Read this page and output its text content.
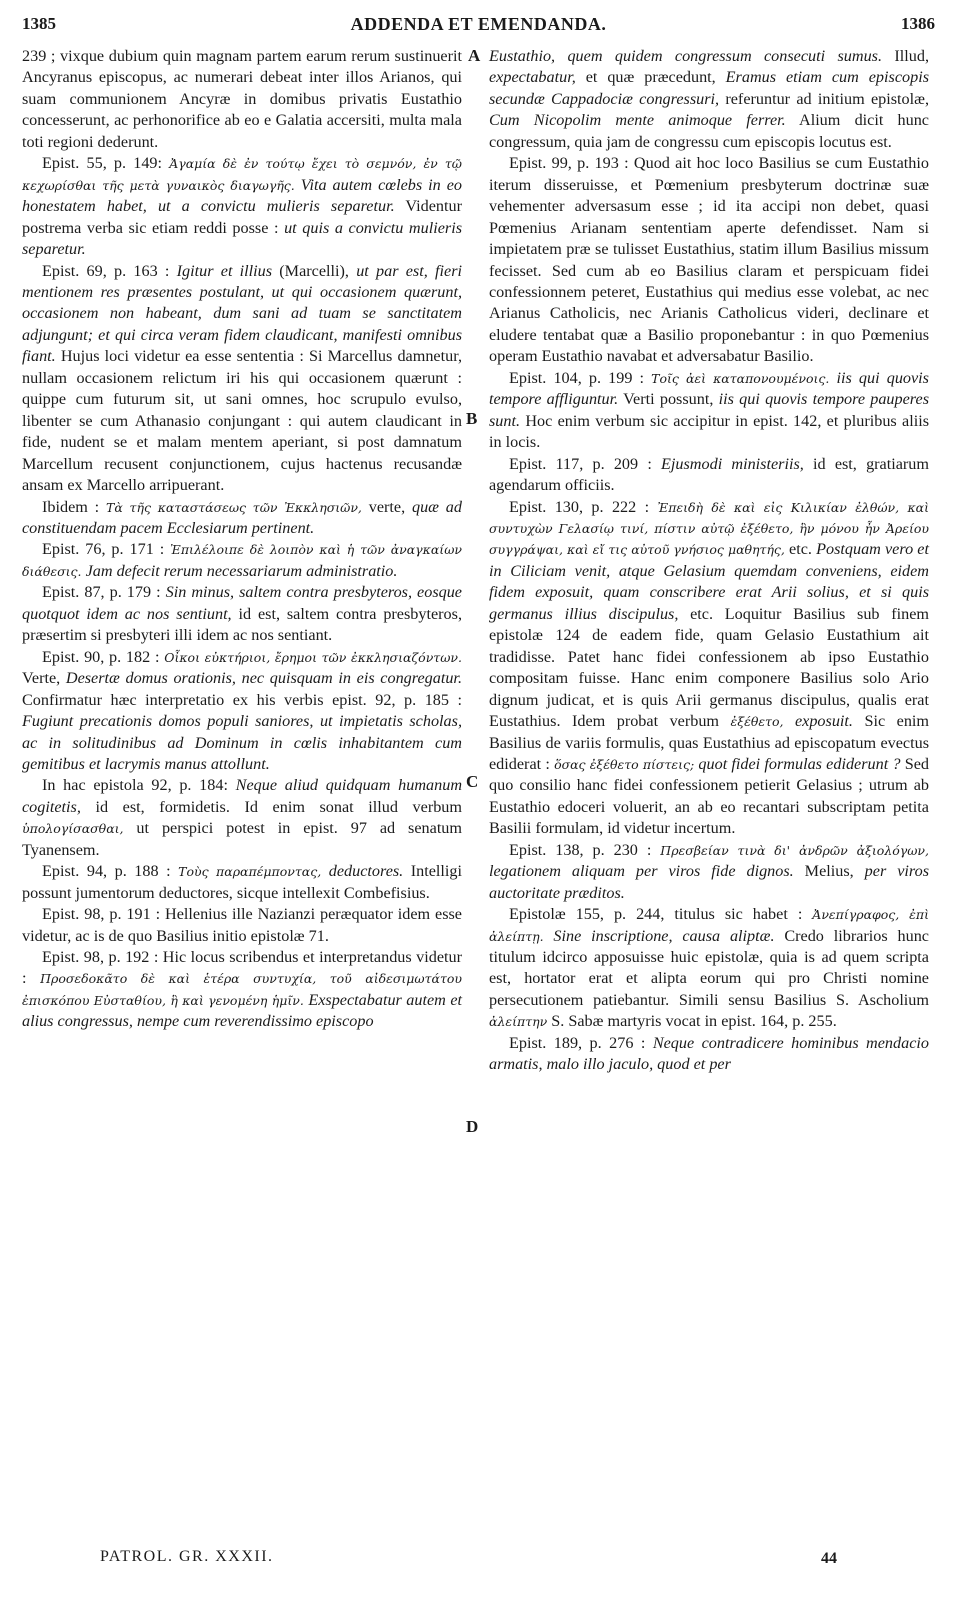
1385	ADDENDA ET EMENDANDA.	1386

239 ; vixque dubium quin magnam partem earum rerum sustinuerit Ancyranus episcopus, ac numerari debeat inter illos Arianos, qui suam communionem Ancyræ in domibus privatis Eustathio concesserunt, ac perhonorifice ab eo e Galatia accersiti, multa mala toti regioni dederunt.

Epist. 55, p. 149: Ἀγαμία δὲ ἐν τούτῳ ἔχει τὸ σεμνόν, ἐν τῷ κεχωρίσθαι τῆς μετὰ γυναικὸς διαγωγῆς. Vita autem cœlebs in eo honestatem habet, ut a convictu mulieris separetur. Videntur postrema verba sic etiam reddi posse : ut quis a convictu mulieris separetur.

Epist. 69, p. 163 : Igitur et illius (Marcelli), ut par est, fieri mentionem res præsentes postulant, ut qui occasionem quærunt, occasionem non habeant, dum sani ad tuam se sanctitatem adjungunt; et qui circa veram fidem claudicant, manifesti omnibus fiant. Hujus loci videtur ea esse sententia : Si Marcellus damnetur, nullam occasionem relictum iri his qui occasionem quærunt : quippe cum futurum sit, ut sani omnes, hoc scrupulo evulso, libenter se cum Athanasio conjungant : qui autem claudicant in fide, nudent se et malam mentem aperiant, si post damnatum Marcellum recusent conjunctionem, cujus hactenus recusandæ ansam ex Marcello arripuerant.

Ibidem : Τὰ τῆς καταστάσεως τῶν Ἐκκλησιῶν, verte, quæ ad constituendam pacem Ecclesiarum pertinent.

Epist. 76, p. 171 : Ἐπιλέλοιπε δὲ λοιπὸν καὶ ἡ τῶν ἀναγκαίων διάθεσις. Jam defecit rerum necessariarum administratio.

Epist. 87, p. 179 : Sin minus, saltem contra presbyteros, eosque quotquot idem ac nos sentiunt, id est, saltem contra presbyteros, præsertim si presbyteri illi idem ac nos sentiant.

Epist. 90, p. 182 : Οἶκοι εὐκτήριοι, ἔρημοι τῶν ἐκκλησιαζόντων. Verte, Desertæ domus orationis, nec quisquam in eis congregatur. Confirmatur hæc interpretatio ex his verbis epist. 92, p. 185 : Fugiunt precationis domos populi saniores, ut impietatis scholas, ac in solitudinibus ad Dominum in cœlis inhabitantem cum gemitibus et lacrymis manus attollunt.

In hac epistola 92, p. 184: Neque aliud quidquam humanum cogitetis, id est, formidetis. Id enim sonat illud verbum ὑπολογίσασθαι, ut perspici potest in epist. 97 ad senatum Tyanensem.

Epist. 94, p. 188 : Τοὺς παραπέμποντας, deductores. Intelligi possunt jumentorum deductores, sicque intellexit Combefisius.

Epist. 98, p. 191 : Hellenius ille Nazianzi peræquator idem esse videtur, ac is de quo Basilius initio epistolæ 71.

Epist. 98, p. 192 : Hic locus scribendus et interpretandus videtur : Προσεδοκᾶτο δὲ καὶ ἑτέρα συντυχία, τοῦ αἰδεσιμωτάτου ἐπισκόπου Εὐσταθίου, ἣ καὶ γενομένη ἡμῖν. Exspectabatur autem et alius congressus, nempe cum reverendissimo episcopo

Eustathio, quem quidem congressum consecuti sumus. Illud, expectabatur, et quæ præcedunt, Eramus etiam cum episcopis secundæ Cappadociæ congressuri, referuntur ad initium epistolæ, Cum Nicopolim mente animoque ferrer. Alium dicit hunc congressum, quia jam de congressu cum episcopis locutus est.

Epist. 99, p. 193 : Quod ait hoc loco Basilius se cum Eustathio iterum disseruisse, et Pœmenium presbyterum doctrinæ suæ vehementer adversasum esse ; id ita accipi non debet, quasi Pœmenius Arianam sententiam aperte defendisset. Nam si impietatem præ se tulisset Eustathius, statim illum Basilius missum fecisset. Sed cum ab eo Basilius claram et perspicuam fidei confessionnem peteret, Eustathius qui medius esse volebat, ac nec Arianus Catholicis, nec Arianis Catholicus videri, declinare et eludere tentabat quæ a Basilio proponebantur : in quo Pœmenius operam Eustathio navabat et adversabatur Basilio.

Epist. 104, p. 199 : Τοῖς ἀεὶ καταπονουμένοις. iis qui quovis tempore affliguntur. Verti possunt, iis qui quovis tempore pauperes sunt. Hoc enim verbum sic accipitur in epist. 142, et pluribus aliis in locis.

Epist. 117, p. 209 : Ejusmodi ministeriis, id est, gratiarum agendarum officiis.

Epist. 130, p. 222 : Ἐπειδὴ δὲ καὶ εἰς Κιλικίαν ἐλθών, καὶ συντυχὼν Γελασίῳ τινί, πίστιν αὐτῷ ἐξέθετο, ἣν μόνου ἦν Ἀρείου συγγράψαι, καὶ εἴ τις αὐτοῦ γνήσιος μαθητής, etc. Postquam vero et in Ciliciam venit, atque Gelasium quemdam conveniens, eidem fidem exposuit, quam conscribere erat Arii solius, et si quis germanus illius discipulus, etc. Loquitur Basilius sub finem epistolæ 124 de eadem fide, quam Gelasio Eustathium ait tradidisse. Patet hanc fidei confessionem ab ipso Eustathio compositam fuisse. Hanc enim componere Basilius solo Ario dignum judicat, et is quis Arii germanus discipulus, qualis erat Eustathius. Idem probat verbum ἐξέθετο, exposuit. Sic enim Basilius de variis formulis, quas Eustathius ad episcopatum evectus ediderat : ὅσας ἐξέθετο πίστεις; quot fidei formulas ediderunt ? Sed quo consilio hanc fidei confessionem petierit Gelasius ; utrum ab Eustathio edoceri voluerit, an ab eo recantari subscriptam petita Basilii formulam, id videtur incertum.

Epist. 138, p. 230 : Πρεσβείαν τινὰ δι' ἀνδρῶν ἀξιολόγων, legationem aliquam per viros fide dignos. Melius, per viros auctoritate præditos.

Epistolæ 155, p. 244, titulus sic habet : Ἀνεπίγραφος, ἐπὶ ἀλείπτῃ. Sine inscriptione, causa aliptæ. Credo librarios hunc titulum idcirco apposuisse huic epistolæ, quia is ad quem scripta est, hortator erat et alipta eorum qui pro Christi nomine persecutionem patiebantur. Simili sensu Basilius S. Ascholium ἀλείπτην S. Sabæ martyris vocat in epist. 164, p. 255.

Epist. 189, p. 276 : Neque contradicere hominibus mendacio armatis, malo illo jaculo, quod et per

A
B
C
D
PATROL. GR. XXXII.	44
